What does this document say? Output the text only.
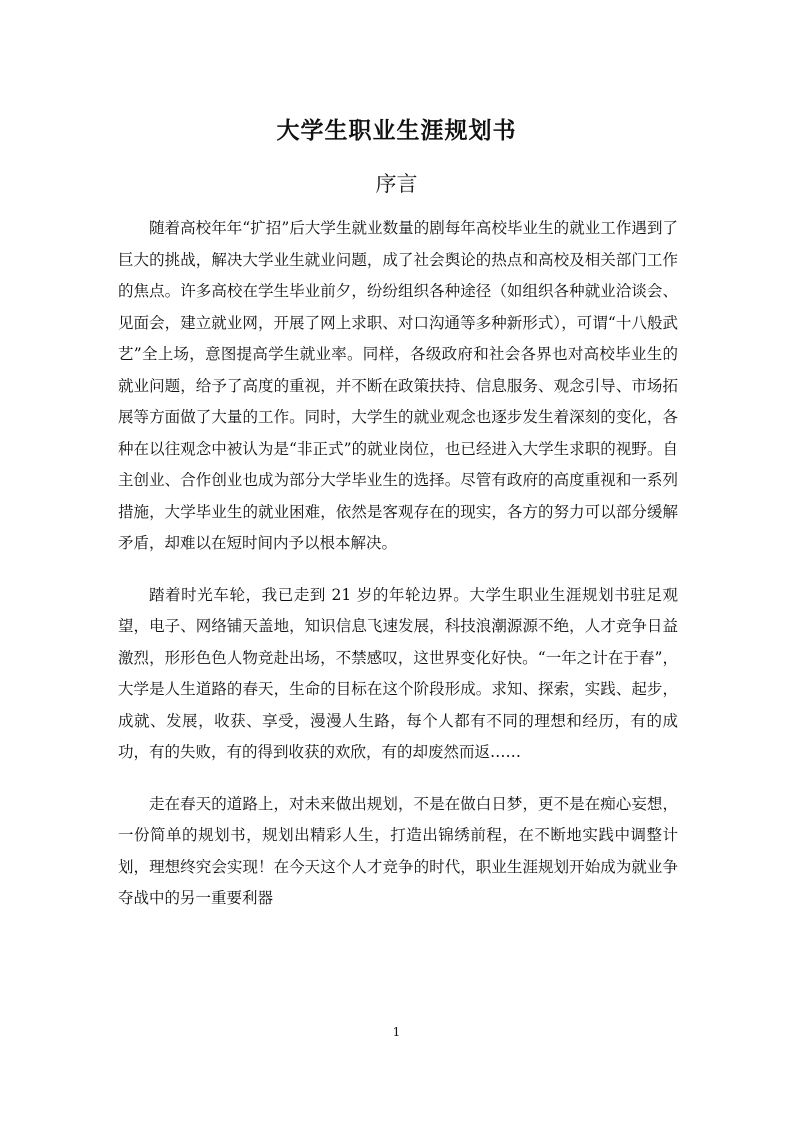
大学生职业生涯规划书
序言

随着高校年年“扩招”后大学生就业数量的剧每年高校毕业生的就业工作遇到了巨大的挑战，解决大学业生就业问题，成了社会舆论的热点和高校及相关部门工作的焦点。许多高校在学生毕业前夕，纷纷组织各种途径（如组织各种就业洽谈会、见面会，建立就业网，开展了网上求职、对口沟通等多种新形式），可谓“十八般武艺”全上场，意图提高学生就业率。同样，各级政府和社会各界也对高校毕业生的就业问题，给予了高度的重视，并不断在政策扶持、信息服务、观念引导、市场拓展等方面做了大量的工作。同时，大学生的就业观念也逐步发生着深刻的变化，各种在以往观念中被认为是“非正式”的就业岗位，也已经进入大学生求职的视野。自主创业、合作创业也成为部分大学毕业生的选择。尽管有政府的高度重视和一系列措施，大学毕业生的就业困难，依然是客观存在的现实，各方的努力可以部分缓解矛盾，却难以在短时间内予以根本解决。

踏着时光车轮，我已走到 21 岁的年轮边界。大学生职业生涯规划书驻足观望，电子、网络铺天盖地，知识信息飞速发展，科技浪潮源源不绝，人才竞争日益激烈，形形色色人物竞赴出场，不禁感叹，这世界变化好快。“一年之计在于春”，大学是人生道路的春天，生命的目标在这个阶段形成。求知、探索，实践、起步，成就、发展，收获、享受，漫漫人生路，每个人都有不同的理想和经历，有的成功，有的失败，有的得到收获的欢欣，有的却废然而返……

走在春天的道路上，对未来做出规划，不是在做白日梦，更不是在痴心妄想，一份简单的规划书，规划出精彩人生，打造出锦绣前程，在不断地实践中调整计划，理想终究会实现！在今天这个人才竞争的时代，职业生涯规划开始成为就业争夺战中的另一重要利器

1
